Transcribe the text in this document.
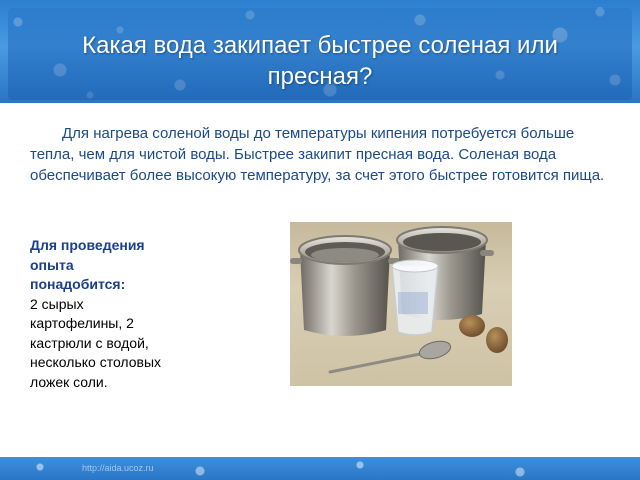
Какая вода закипает быстрее соленая или пресная?

Для нагрева соленой воды до температуры кипения потребуется больше тепла, чем для чистой воды. Быстрее закипит пресная вода. Соленая вода обеспечивает более высокую температуру, за счет этого быстрее готовится пища.

Для проведения опыта понадобится:
2 сырых картофелины, 2 кастрюли с водой, несколько столовых ложек соли.
http://aida.ucoz.ru
